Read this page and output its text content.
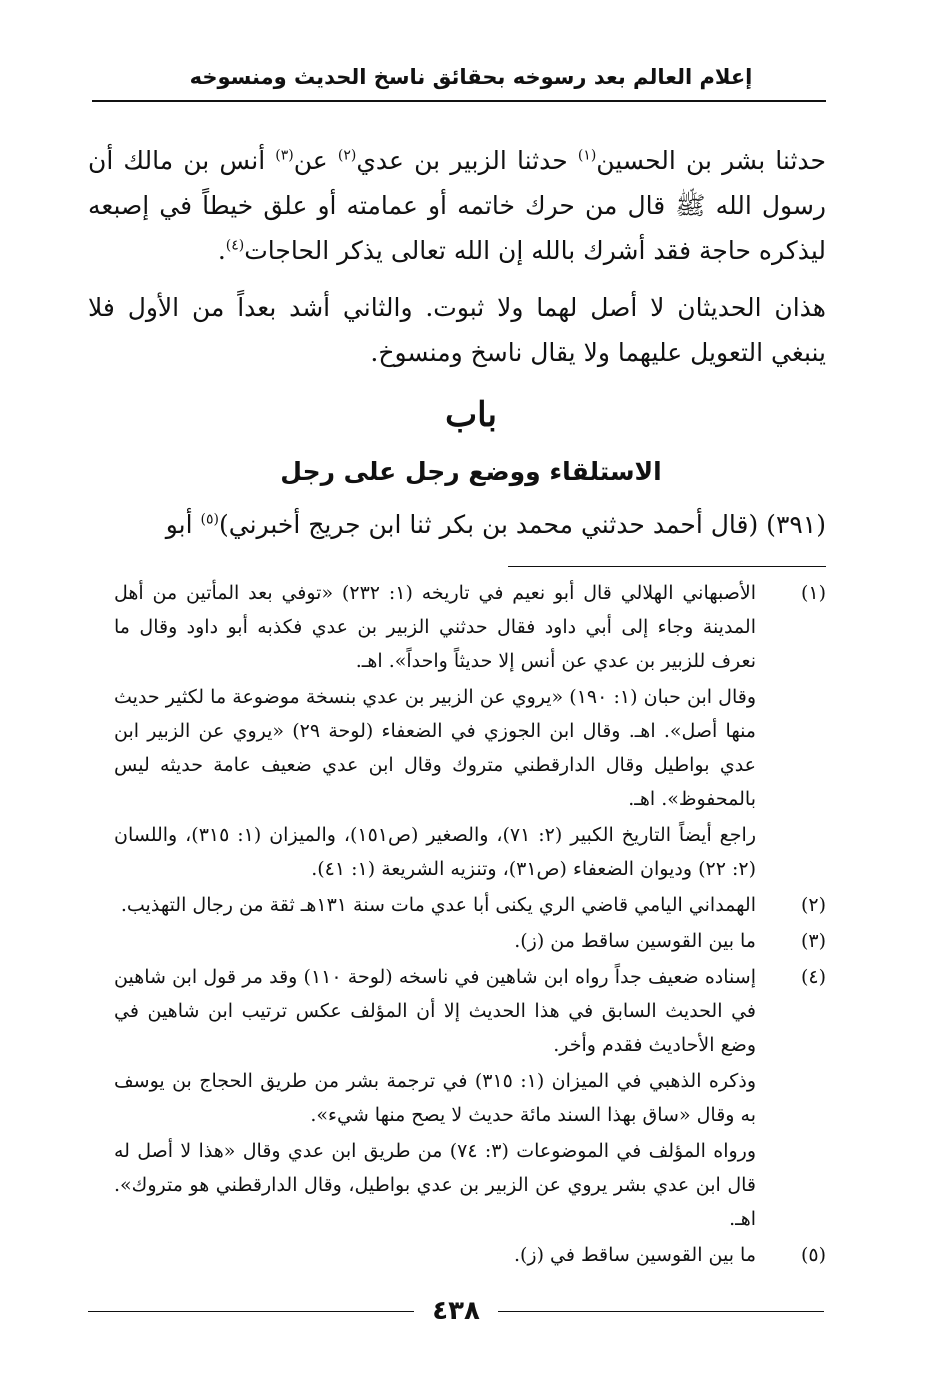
إعلام العالم بعد رسوخه بحقائق ناسخ الحديث ومنسوخه

حدثنا بشر بن الحسين$^{(١)}$ حدثنا الزبير بن عدي$^{(٢)}$ عن$^{(٣)}$ أنس بن مالك أن رسول الله ﷺ قال من حرك خاتمه أو عمامته أو علق خيطاً في إصبعه ليذكره حاجة فقد أشرك بالله إن الله تعالى يذكر الحاجات$^{(٤)}$.

هذان الحديثان لا أصل لهما ولا ثبوت. والثاني أشد بعداً من الأول فلا ينبغي التعويل عليهما ولا يقال ناسخ ومنسوخ.

باب
الاستلقاء ووضع رجل على رجل
(٣٩١) (قال أحمد حدثني محمد بن بكر ثنا ابن جريج أخبرني)$^{(٥)}$ أبو
(١)

الأصبهاني الهلالي قال أبو نعيم في تاريخه (١: ٢٣٢) «توفي بعد المأتين من أهل المدينة وجاء إلى أبي داود فقال حدثني الزبير بن عدي فكذبه أبو داود وقال ما نعرف للزبير بن عدي عن أنس إلا حديثاً واحداً». اهـ.

وقال ابن حبان (١: ١٩٠) «يروي عن الزبير بن عدي بنسخة موضوعة ما لكثير حديث منها أصل». اهـ. وقال ابن الجوزي في الضعفاء (لوحة ٢٩) «يروي عن الزبير ابن عدي بواطيل وقال الدارقطني متروك وقال ابن عدي ضعيف عامة حديثه ليس بالمحفوظ». اهـ.

راجع أيضاً التاريخ الكبير (٢: ٧١)، والصغير (ص١٥١)، والميزان (١: ٣١٥)، واللسان (٢: ٢٢) وديوان الضعفاء (ص٣١)، وتنزيه الشريعة (١: ٤١).

(٢)

الهمداني اليامي قاضي الري يكنى أبا عدي مات سنة ١٣١هـ ثقة من رجال التهذيب.

(٣)

ما بين القوسين ساقط من (ز).

(٤)

إسناده ضعيف جداً رواه ابن شاهين في ناسخه (لوحة ١١٠) وقد مر قول ابن شاهين في الحديث السابق في هذا الحديث إلا أن المؤلف عكس ترتيب ابن شاهين في وضع الأحاديث فقدم وأخر.

وذكره الذهبي في الميزان (١: ٣١٥) في ترجمة بشر من طريق الحجاج بن يوسف به وقال «ساق بهذا السند مائة حديث لا يصح منها شيء».

ورواه المؤلف في الموضوعات (٣: ٧٤) من طريق ابن عدي وقال «هذا لا أصل له قال ابن عدي بشر يروي عن الزبير بن عدي بواطيل، وقال الدارقطني هو متروك». اهـ.

(٥)

ما بين القوسين ساقط في (ز).

٤٣٨
